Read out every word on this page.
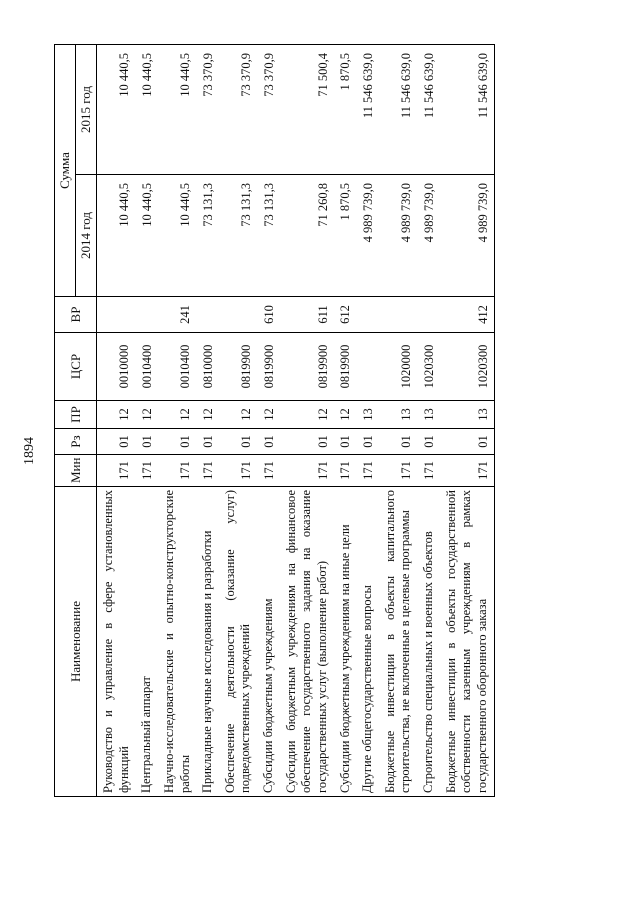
1894
Наименование	Мин	Рз	ПР	ЦСР	ВР	Сумма	
						2014 год	2015 год
Руководство и управление в сфере установленных функций	171	01	12	0010000		10 440,5	10 440,5
Центральный аппарат	171	01	12	0010400		10 440,5	10 440,5
Научно-исследовательские и опытно-конструкторские работы	171	01	12	0010400	241	10 440,5	10 440,5
Прикладные научные исследования и разработки	171	01	12	0810000		73 131,3	73 370,9
Обеспечение деятельности (оказание услуг) подведомственных учреждений	171	01	12	0819900		73 131,3	73 370,9
Субсидии бюджетным учреждениям	171	01	12	0819900	610	73 131,3	73 370,9
Субсидии бюджетным учреждениям на финансовое обеспечение государственного задания на оказание государственных услуг (выполнение работ)	171	01	12	0819900	611	71 260,8	71 500,4
Субсидии бюджетным учреждениям на иные цели	171	01	12	0819900	612	1 870,5	1 870,5
Другие общегосударственные вопросы	171	01	13			4 989 739,0	11 546 639,0
Бюджетные инвестиции в объекты капитального строительства, не включенные в целевые программы	171	01	13	1020000		4 989 739,0	11 546 639,0
Строительство специальных и военных объектов	171	01	13	1020300		4 989 739,0	11 546 639,0
Бюджетные инвестиции в объекты государственной собственности казенным учреждениям в рамках государственного оборонного заказа	171	01	13	1020300	412	4 989 739,0	11 546 639,0
